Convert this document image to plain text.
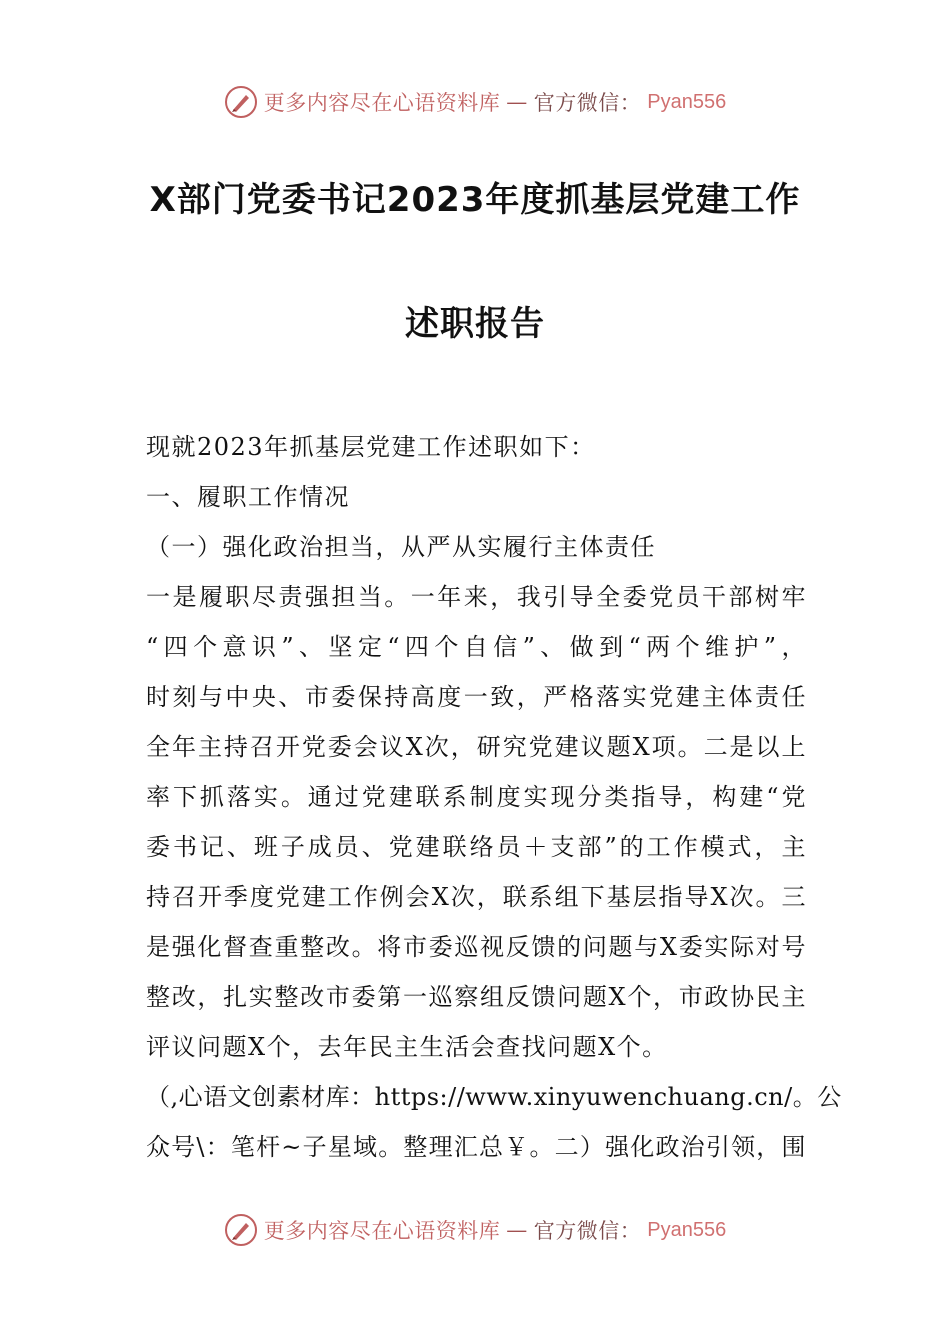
更多内容尽在心语资料库 — 官方微信： Pyan556
X部门党委书记2023年度抓基层党建工作
述职报告
现就2023年抓基层党建工作述职如下：
一、履职工作情况
（一）强化政治担当，从严从实履行主体责任
一是履职尽责强担当。一年来，我引导全委党员干部树牢
“四个意识”、坚定“四个自信”、做到“两个维护”，
时刻与中央、市委保持高度一致，严格落实党建主体责任
全年主持召开党委会议X次，研究党建议题X项。二是以上
率下抓落实。通过党建联系制度实现分类指导，构建“党
委书记、班子成员、党建联络员＋支部”的工作模式，主
持召开季度党建工作例会X次，联系组下基层指导X次。三
是强化督查重整改。将市委巡视反馈的问题与X委实际对号
整改，扎实整改市委第一巡察组反馈问题X个，市政协民主
评议问题X个，去年民主生活会查找问题X个。
（,心语文创素材库：https://www.xinyuwenchuang.cn/。公
众号\：笔杆~子星域。整理汇总￥。二）强化政治引领，围
更多内容尽在心语资料库 — 官方微信： Pyan556
